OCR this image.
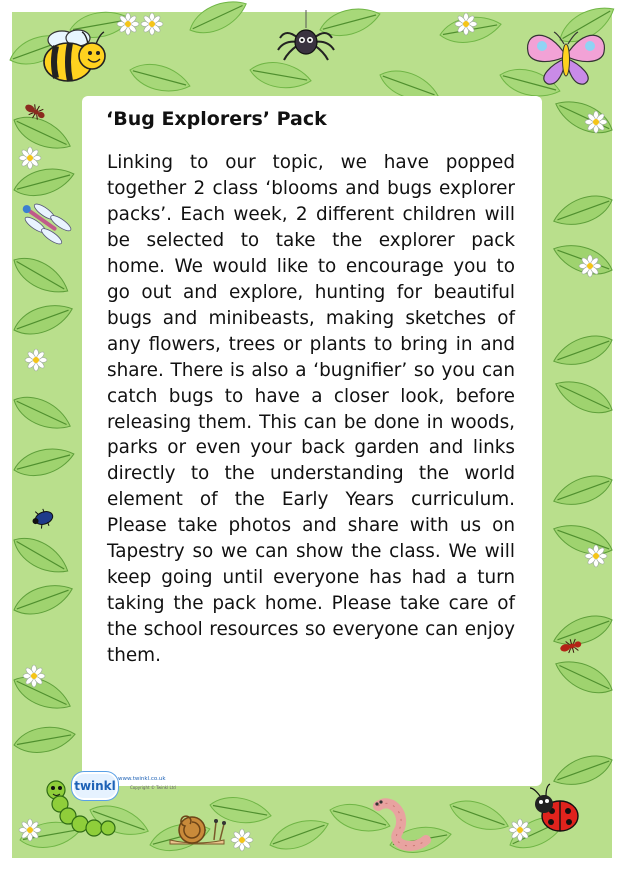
‘Bug Explorers’ Pack
Linking to our topic, we have popped together 2 class ‘blooms and bugs explorer packs’. Each week, 2 different children will be selected to take the explorer pack home. We would like to encourage you to go out and explore, hunting for beautiful bugs and minibeasts, making sketches of any flowers, trees or plants to bring in and share. There is also a ‘bugnifier’ so you can catch bugs to have a closer look, before releasing them. This can be done in woods, parks or even your back garden and links directly to the understanding the world element of the Early Years curriculum. Please take photos and share with us on Tapestry so we can show the class. We will keep going until everyone has had a turn taking the pack home. Please take care of the school resources so everyone can enjoy them.
twinkl www.twinkl.co.uk
Copyright © Twinkl Ltd
